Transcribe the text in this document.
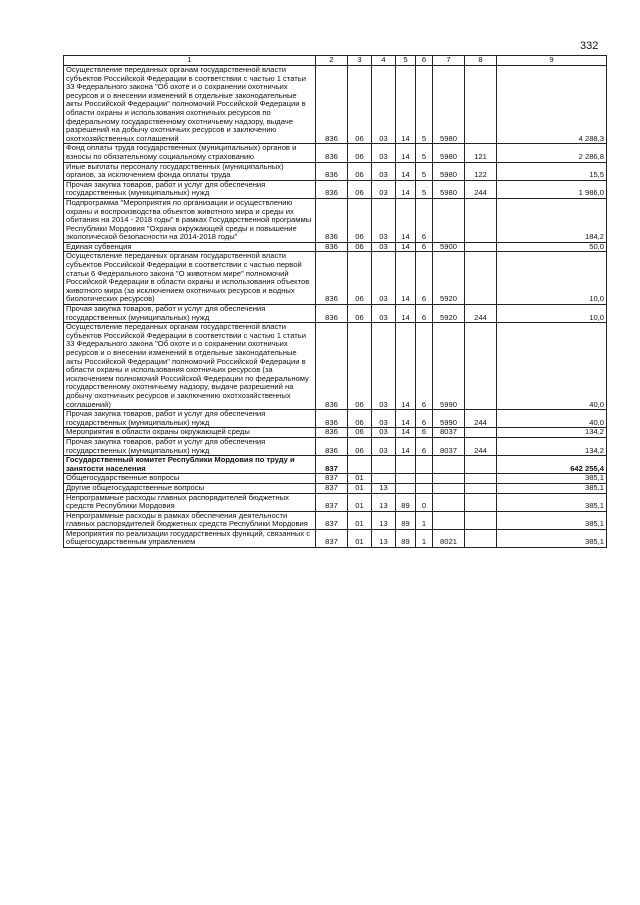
332
1	2	3	4	5	6	7	8	9
Осуществление переданных органам государственной власти субъектов Российской Федерации в соответствии с частью 1 статьи 33 Федерального закона "Об охоте и о сохранении охотничьих ресурсов и о внесении изменений в отдельные законодательные акты Российской Федерации" полномочий Российской Федерации в области охраны и использования охотничьих ресурсов по федеральному государственному охотничьему надзору, выдаче разрешений на добычу охотничьих ресурсов и заключению охотхозяйственных соглашений	836	06	03	14	5	5980		4 288,3
Фонд оплаты труда государственных (муниципальных) органов и взносы по обязательному социальному страхованию	836	06	03	14	5	5980	121	2 286,8
Иные выплаты персоналу государственных (муниципальных) органов, за исключением фонда оплаты труда	836	06	03	14	5	5980	122	15,5
Прочая закупка товаров, работ и услуг для обеспечения государственных (муниципальных) нужд	836	06	03	14	5	5980	244	1 986,0
Подпрограмма "Мероприятия по организации и осуществлению охраны и воспроизводства объектов животного мира и среды их обитания на 2014 - 2018 годы" в рамках Государственной программы Республики Мордовия "Охрана окружающей среды и повышение экологической безопасности на 2014-2018 годы"	836	06	03	14	6			184,2
Единая субвенция	836	06	03	14	6	5900		50,0
Осуществление переданных органам государственной власти субъектов Российской Федерации в соответствии с частью первой статьи 6 Федерального закона "О животном мире" полномочий Российской Федерации в области охраны и использования объектов животного мира (за исключением охотничьих ресурсов и водных биологических ресурсов)	836	06	03	14	6	5920		10,0
Прочая закупка товаров, работ и услуг для обеспечения государственных (муниципальных) нужд	836	06	03	14	6	5920	244	10,0
Осуществление переданных органам государственной власти субъектов Российской Федерации в соответствии с частью 1 статьи 33 Федерального закона "Об охоте и о сохранении охотничьих ресурсов и о внесении изменений в отдельные законодательные акты Российской Федерации" полномочий Российской Федерации в области охраны и использования охотничьих ресурсов (за исключением полномочий Российской Федерации по федеральному государственному охотничьему надзору, выдаче разрешений на добычу охотничьих ресурсов и заключению охотхозяйственных соглашений)	836	06	03	14	6	5990		40,0
Прочая закупка товаров, работ и услуг для обеспечения государственных (муниципальных) нужд	836	06	03	14	6	5990	244	40,0
Мероприятия в области охраны окружающей среды	836	06	03	14	6	8037		134,2
Прочая закупка товаров, работ и услуг для обеспечения государственных (муниципальных) нужд	836	06	03	14	6	8037	244	134,2
Государственный комитет Республики Мордовия по труду и занятости населения	837							642 255,4
Общегосударственные вопросы	837	01						385,1
Другие общегосударственные вопросы	837	01	13					385,1
Непрограммные расходы главных распорядителей бюджетных средств Республики Мордовия	837	01	13	89	0			385,1
Непрограммные расходы в рамках обеспечения деятельности главных распорядителей бюджетных средств Республики Мордовия	837	01	13	89	1			385,1
Мероприятия по реализации государственных функций, связанных с общегосударственным управлением	837	01	13	89	1	8021		385,1
